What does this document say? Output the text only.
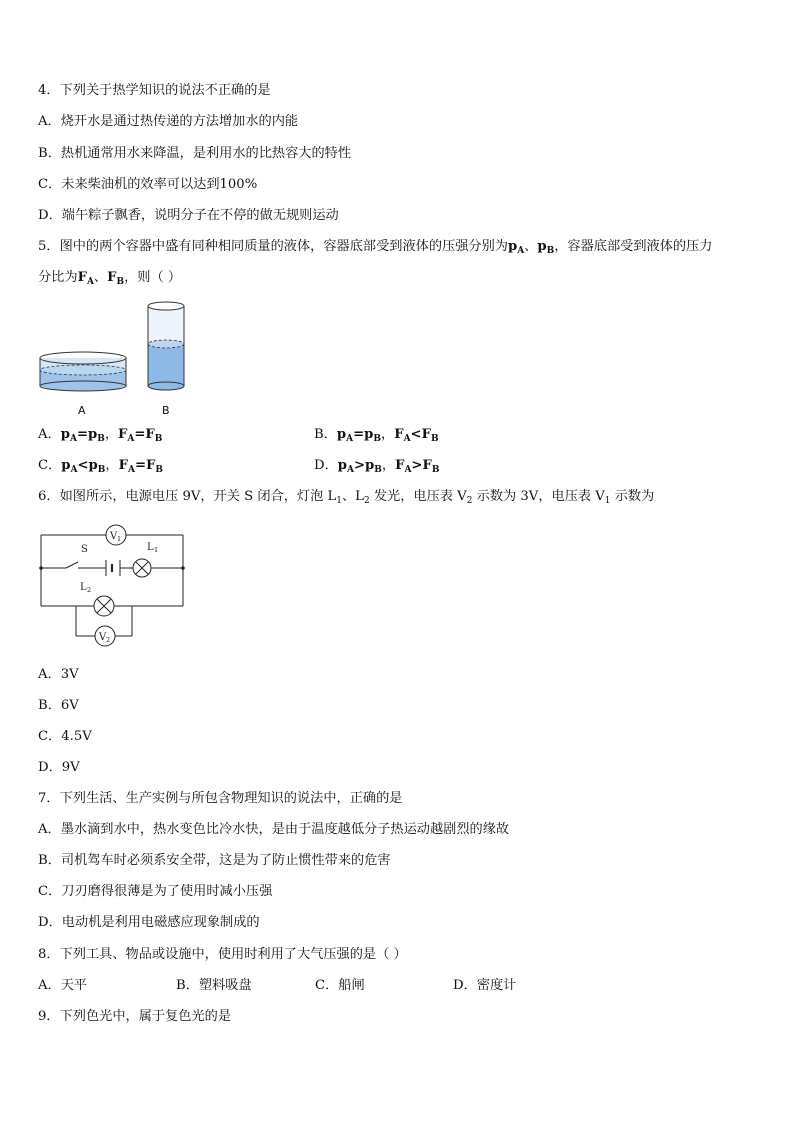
4．下列关于热学知识的说法不正确的是
A．烧开水是通过热传递的方法增加水的内能
B．热机通常用水来降温，是利用水的比热容大的特性
C．未来柴油机的效率可以达到100%
D．端午粽子飘香，说明分子在不停的做无规则运动
5．图中的两个容器中盛有同种相同质量的液体，容器底部受到液体的压强分别为$p_A$、$p_B$，容器底部受到液体的压力
分比为$F_A$、$F_B$，则（ ）
A	B
A．$p_A=p_B$，$F_A=F_B$	B．$p_A=p_B$，$F_A<F_B$
C．$p_A<p_B$，$F_A=F_B$	D．$p_A>p_B$，$F_A>F_B$
6．如图所示，电源电压 9V，开关 S 闭合，灯泡 $L_1$、$L_2$ 发光，电压表 $V_2$ 示数为 3V，电压表 $V_1$ 示数为
V 1
V 2
S	L 1
L 2
A．3V
B．6V
C．4.5V
D．9V
7．下列生活、生产实例与所包含物理知识的说法中，正确的是
A．墨水滴到水中，热水变色比冷水快，是由于温度越低分子热运动越剧烈的缘故
B．司机驾车时必须系安全带，这是为了防止惯性带来的危害
C．刀刃磨得很薄是为了使用时减小压强
D．电动机是利用电磁感应现象制成的
8．下列工具、物品或设施中，使用时利用了大气压强的是（ ）
A．天平	B．塑料吸盘	C．船闸	D．密度计
9．下列色光中，属于复色光的是
